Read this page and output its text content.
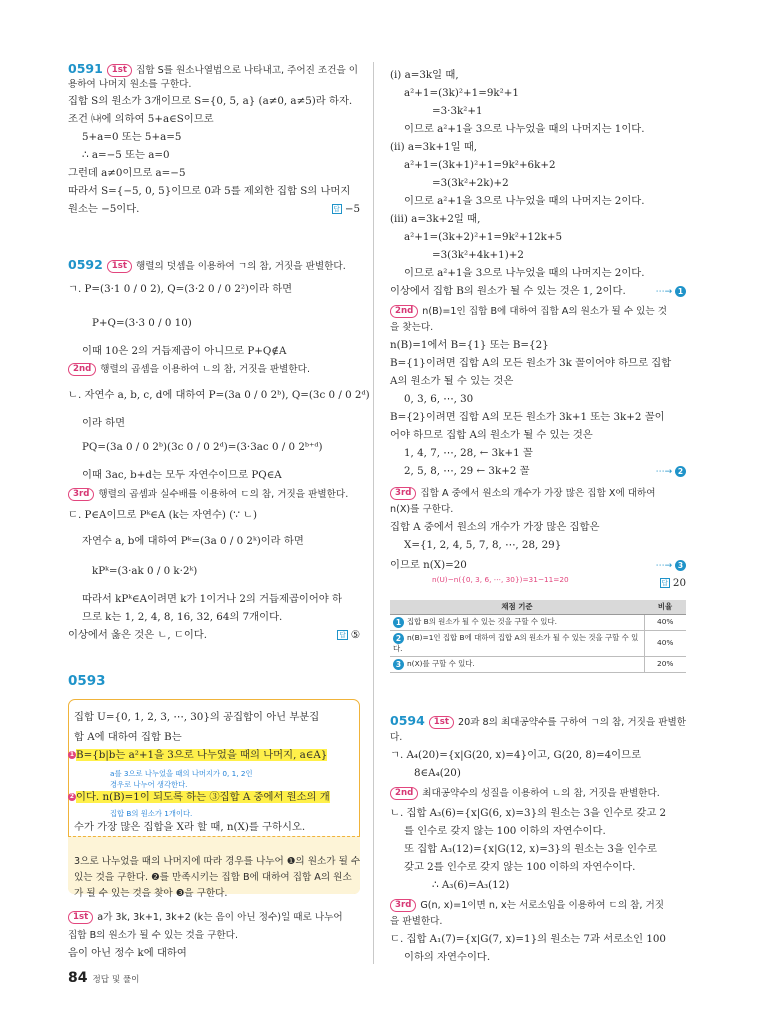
0591 1st 집합 S를 원소나열법으로 나타내고, 주어진 조건을 이
용하여 나머지 원소를 구한다.
집합 S의 원소가 3개이므로 S={0, 5, a} (a≠0, a≠5)라 하자.
조건 ㈏에 의하여 5+a∈S이므로
5+a=0 또는 5+a=5
∴ a=−5 또는 a=0
그런데 a≠0이므로 a=−5
따라서 S={−5, 0, 5}이므로 0과 5를 제외한 집합 S의 나머지
원소는 −5이다.	답 −5
0592 1st 행렬의 덧셈을 이용하여 ㄱ의 참, 거짓을 판별한다.
ㄱ. P=(3·1 0 / 0 2), Q=(3·2 0 / 0 2²)이라 하면
P+Q=(3·3 0 / 0 10)
이때 10은 2의 거듭제곱이 아니므로 P+Q∉A
2nd 행렬의 곱셈을 이용하여 ㄴ의 참, 거짓을 판별한다.
ㄴ. 자연수 a, b, c, d에 대하여 P=(3a 0 / 0 2ᵇ), Q=(3c 0 / 0 2ᵈ)
이라 하면
PQ=(3a 0 / 0 2ᵇ)(3c 0 / 0 2ᵈ)=(3·3ac 0 / 0 2ᵇ⁺ᵈ)
이때 3ac, b+d는 모두 자연수이므로 PQ∈A
3rd 행렬의 곱셈과 실수배를 이용하여 ㄷ의 참, 거짓을 판별한다.
ㄷ. P∈A이므로 Pᵏ∈A (k는 자연수) (∵ ㄴ)
자연수 a, b에 대하여 Pᵏ=(3a 0 / 0 2ᵏ)이라 하면
kPᵏ=(3·ak 0 / 0 k·2ᵏ)
따라서 kPᵏ∈A이려면 k가 1이거나 2의 거듭제곱이어야 하
므로 k는 1, 2, 4, 8, 16, 32, 64의 7개이다.
이상에서 옳은 것은 ㄴ, ㄷ이다.	답 ⑤
0593
집합 U={0, 1, 2, 3, ⋯, 30}의 공집합이 아닌 부분집
합 A에 대하여 집합 B는
1 B={b|b는 a²+1을 3으로 나누었을 때의 나머지, a∈A}
a를 3으로 나누었을 때의 나머지가 0, 1, 2인
경우로 나누어 생각한다.
2 이다. n(B)=1이 되도록 하는 ③집합 A 중에서 원소의 개
집합 B의 원소가 1개이다.
수가 가장 많은 집합을 X라 할 때, n(X)를 구하시오.
3으로 나누었을 때의 나머지에 따라 경우를 나누어 ❶의 원소가 될 수
있는 것을 구한다. ❷를 만족시키는 집합 B에 대하여 집합 A의 원소
가 될 수 있는 것을 찾아 ❸을 구한다.
1st a가 3k, 3k+1, 3k+2 (k는 음이 아닌 정수)일 때로 나누어
집합 B의 원소가 될 수 있는 것을 구한다.
음이 아닌 정수 k에 대하여
채점 기준	비율
1 집합 B의 원소가 될 수 있는 것을 구할 수 있다.	40%
2 n(B)=1인 집합 B에 대하여 집합 A의 원소가 될 수 있는 것을 구할 수 있다.	40%
3 n(X)를 구할 수 있다.	20%
(ⅰ) a=3k일 때,
a²+1=(3k)²+1=9k²+1
=3·3k²+1
이므로 a²+1을 3으로 나누었을 때의 나머지는 1이다.
(ⅱ) a=3k+1일 때,
a²+1=(3k+1)²+1=9k²+6k+2
=3(3k²+2k)+2
이므로 a²+1을 3으로 나누었을 때의 나머지는 2이다.
(ⅲ) a=3k+2일 때,
a²+1=(3k+2)²+1=9k²+12k+5
=3(3k²+4k+1)+2
이므로 a²+1을 3으로 나누었을 때의 나머지는 2이다.
이상에서 집합 B의 원소가 될 수 있는 것은 1, 2이다.	⋯→ 1
2nd n(B)=1인 집합 B에 대하여 집합 A의 원소가 될 수 있는 것
을 찾는다.
n(B)=1에서 B={1} 또는 B={2}
B={1}이려면 집합 A의 모든 원소가 3k 꼴이어야 하므로 집합
A의 원소가 될 수 있는 것은
0, 3, 6, ⋯, 30
B={2}이려면 집합 A의 모든 원소가 3k+1 또는 3k+2 꼴이
어야 하므로 집합 A의 원소가 될 수 있는 것은
1, 4, 7, ⋯, 28, ← 3k+1 꼴
2, 5, 8, ⋯, 29 ← 3k+2 꼴	⋯→ 2
3rd 집합 A 중에서 원소의 개수가 가장 많은 집합 X에 대하여
n(X)를 구한다.
집합 A 중에서 원소의 개수가 가장 많은 집합은
X={1, 2, 4, 5, 7, 8, ⋯, 28, 29}
이므로 n(X)=20	⋯→ 3
n(U)−n({0, 3, 6, ⋯, 30})=31−11=20	답 20
0594 1st 20과 8의 최대공약수를 구하여 ㄱ의 참, 거짓을 판별한
다.
ㄱ. A₄(20)={x|G(20, x)=4}이고, G(20, 8)=4이므로
8∈A₄(20)
2nd 최대공약수의 성질을 이용하여 ㄴ의 참, 거짓을 판별한다.
ㄴ. 집합 A₃(6)={x|G(6, x)=3}의 원소는 3을 인수로 갖고 2
를 인수로 갖지 않는 100 이하의 자연수이다.
또 집합 A₃(12)={x|G(12, x)=3}의 원소는 3을 인수로
갖고 2를 인수로 갖지 않는 100 이하의 자연수이다.
∴ A₃(6)=A₃(12)
3rd G(n, x)=1이면 n, x는 서로소임을 이용하여 ㄷ의 참, 거짓
을 판별한다.
ㄷ. 집합 A₁(7)={x|G(7, x)=1}의 원소는 7과 서로소인 100
이하의 자연수이다.
84 정답 및 풀이
